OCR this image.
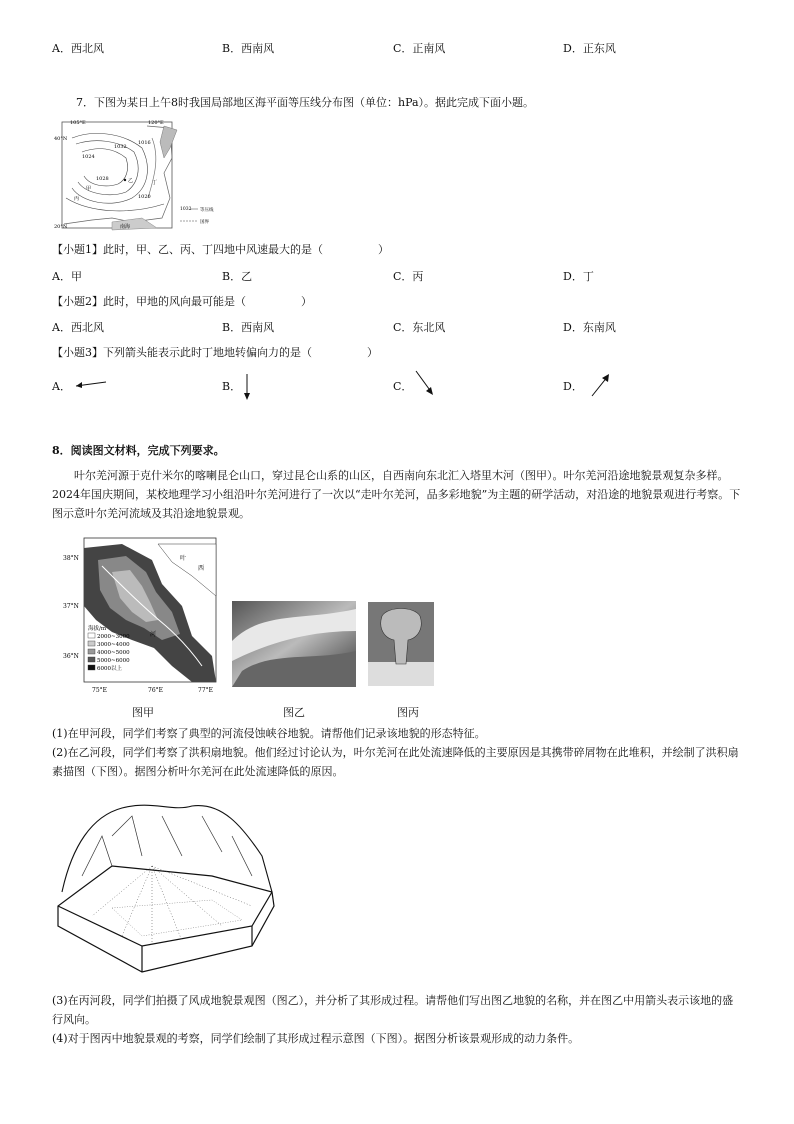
A．西北风	B．西南风	C．正南风	D．正东风
7．下图为某日上午8时我国局部地区海平面等压线分布图（单位：hPa）。据此完成下面小题。
40°N
20°N
105°E	120°E
1032
1024
1028
1020
1016
甲
乙
丙
丁
南海
1032 等压线
国界
【小题1】此时，甲、乙、丙、丁四地中风速最大的是（　　　　　）
A．甲	B．乙	C．丙	D．丁
【小题2】此时，甲地的风向最可能是（　　　　　）
A．西北风	B．西南风	C．东北风	D．东南风
【小题3】下列箭头能表示此时丁地地转偏向力的是（　　　　　）
A．	B．	C．	D．
8．阅读图文材料，完成下列要求。
叶尔羌河源于克什米尔的喀喇昆仑山口，穿过昆仑山系的山区，自西南向东北汇入塔里木河（图甲）。叶尔羌河沿途地貌景观复杂多样。2024年国庆期间，某校地理学习小组沿叶尔羌河进行了一次以“走叶尔羌河，品多彩地貌”为主题的研学活动，对沿途的地貌景观进行考察。下图示意叶尔羌河流域及其沿途地貌景观。
38°N
37°N
36°N
75°E	76°E	77°E
叶
西
河
海拔/m
2000~3000
3000~4000
4000~5000
5000~6000
6000以上
图甲	图乙	图丙
(1)在甲河段，同学们考察了典型的河流侵蚀峡谷地貌。请帮他们记录该地貌的形态特征。
(2)在乙河段，同学们考察了洪积扇地貌。他们经过讨论认为，叶尔羌河在此处流速降低的主要原因是其携带碎屑物在此堆积，并绘制了洪积扇素描图（下图）。据图分析叶尔羌河在此处流速降低的原因。
(3)在丙河段，同学们拍摄了风成地貌景观图（图乙），并分析了其形成过程。请帮他们写出图乙地貌的名称，并在图乙中用箭头表示该地的盛行风向。
(4)对于图丙中地貌景观的考察，同学们绘制了其形成过程示意图（下图）。据图分析该景观形成的动力条件。
